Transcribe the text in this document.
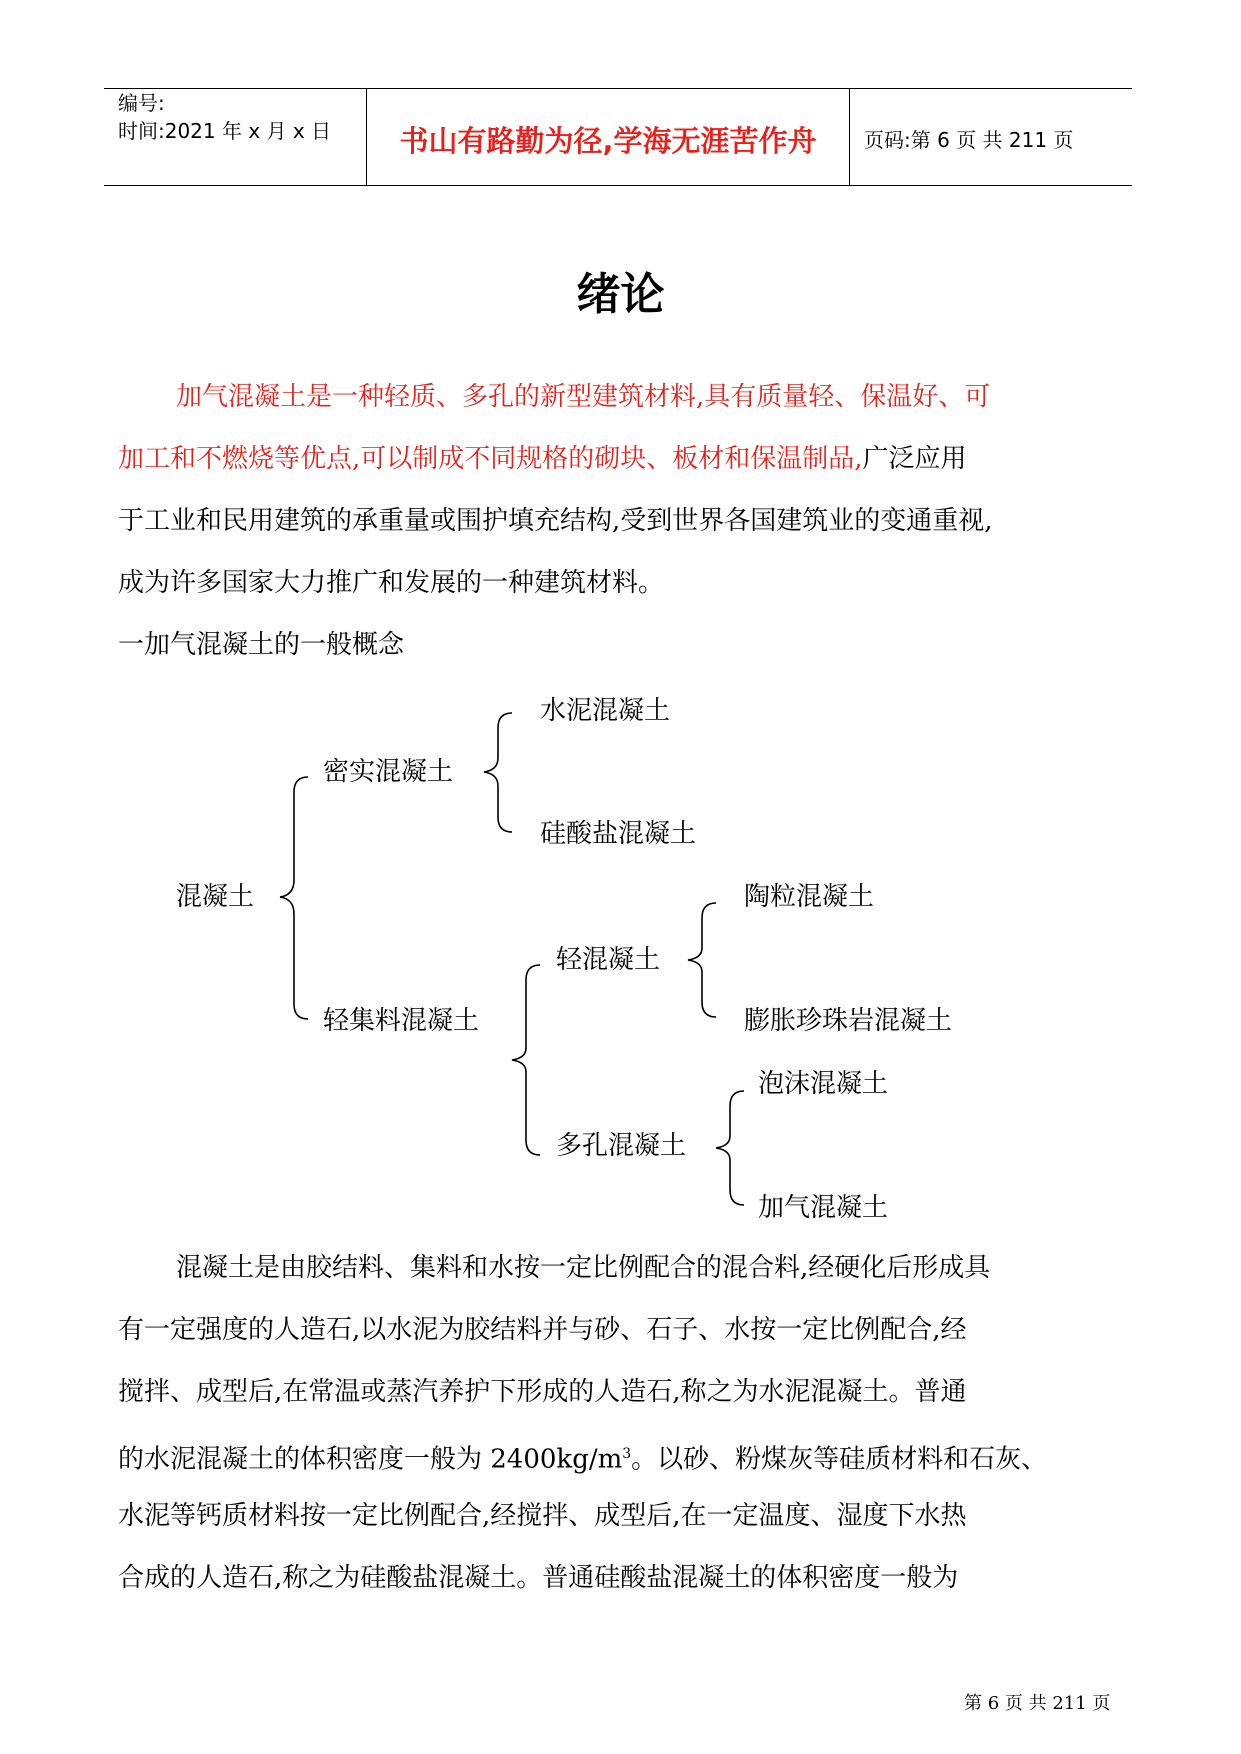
编号:
时间:2021 年 x 月 x 日	书山有路勤为径,学海无涯苦作舟	页码:第 6 页 共 211 页
绪论
加气混凝土是一种轻质、多孔的新型建筑材料,具有质量轻、保温好、可
加工和不燃烧等优点,可以制成不同规格的砌块、板材和保温制品,广泛应用
于工业和民用建筑的承重量或围护填充结构,受到世界各国建筑业的变通重视,
成为许多国家大力推广和发展的一种建筑材料。
一加气混凝土的一般概念
混凝土
密实混凝土
水泥混凝土
硅酸盐混凝土
轻集料混凝土
轻混凝土
陶粒混凝土
膨胀珍珠岩混凝土
多孔混凝土
泡沫混凝土
加气混凝土
混凝土是由胶结料、集料和水按一定比例配合的混合料,经硬化后形成具
有一定强度的人造石,以水泥为胶结料并与砂、石子、水按一定比例配合,经
搅拌、成型后,在常温或蒸汽养护下形成的人造石,称之为水泥混凝土。普通
的水泥混凝土的体积密度一般为 $2400kg/m^3$。以砂、粉煤灰等硅质材料和石灰、
水泥等钙质材料按一定比例配合,经搅拌、成型后,在一定温度、湿度下水热
合成的人造石,称之为硅酸盐混凝土。普通硅酸盐混凝土的体积密度一般为
第 6 页 共 211 页
